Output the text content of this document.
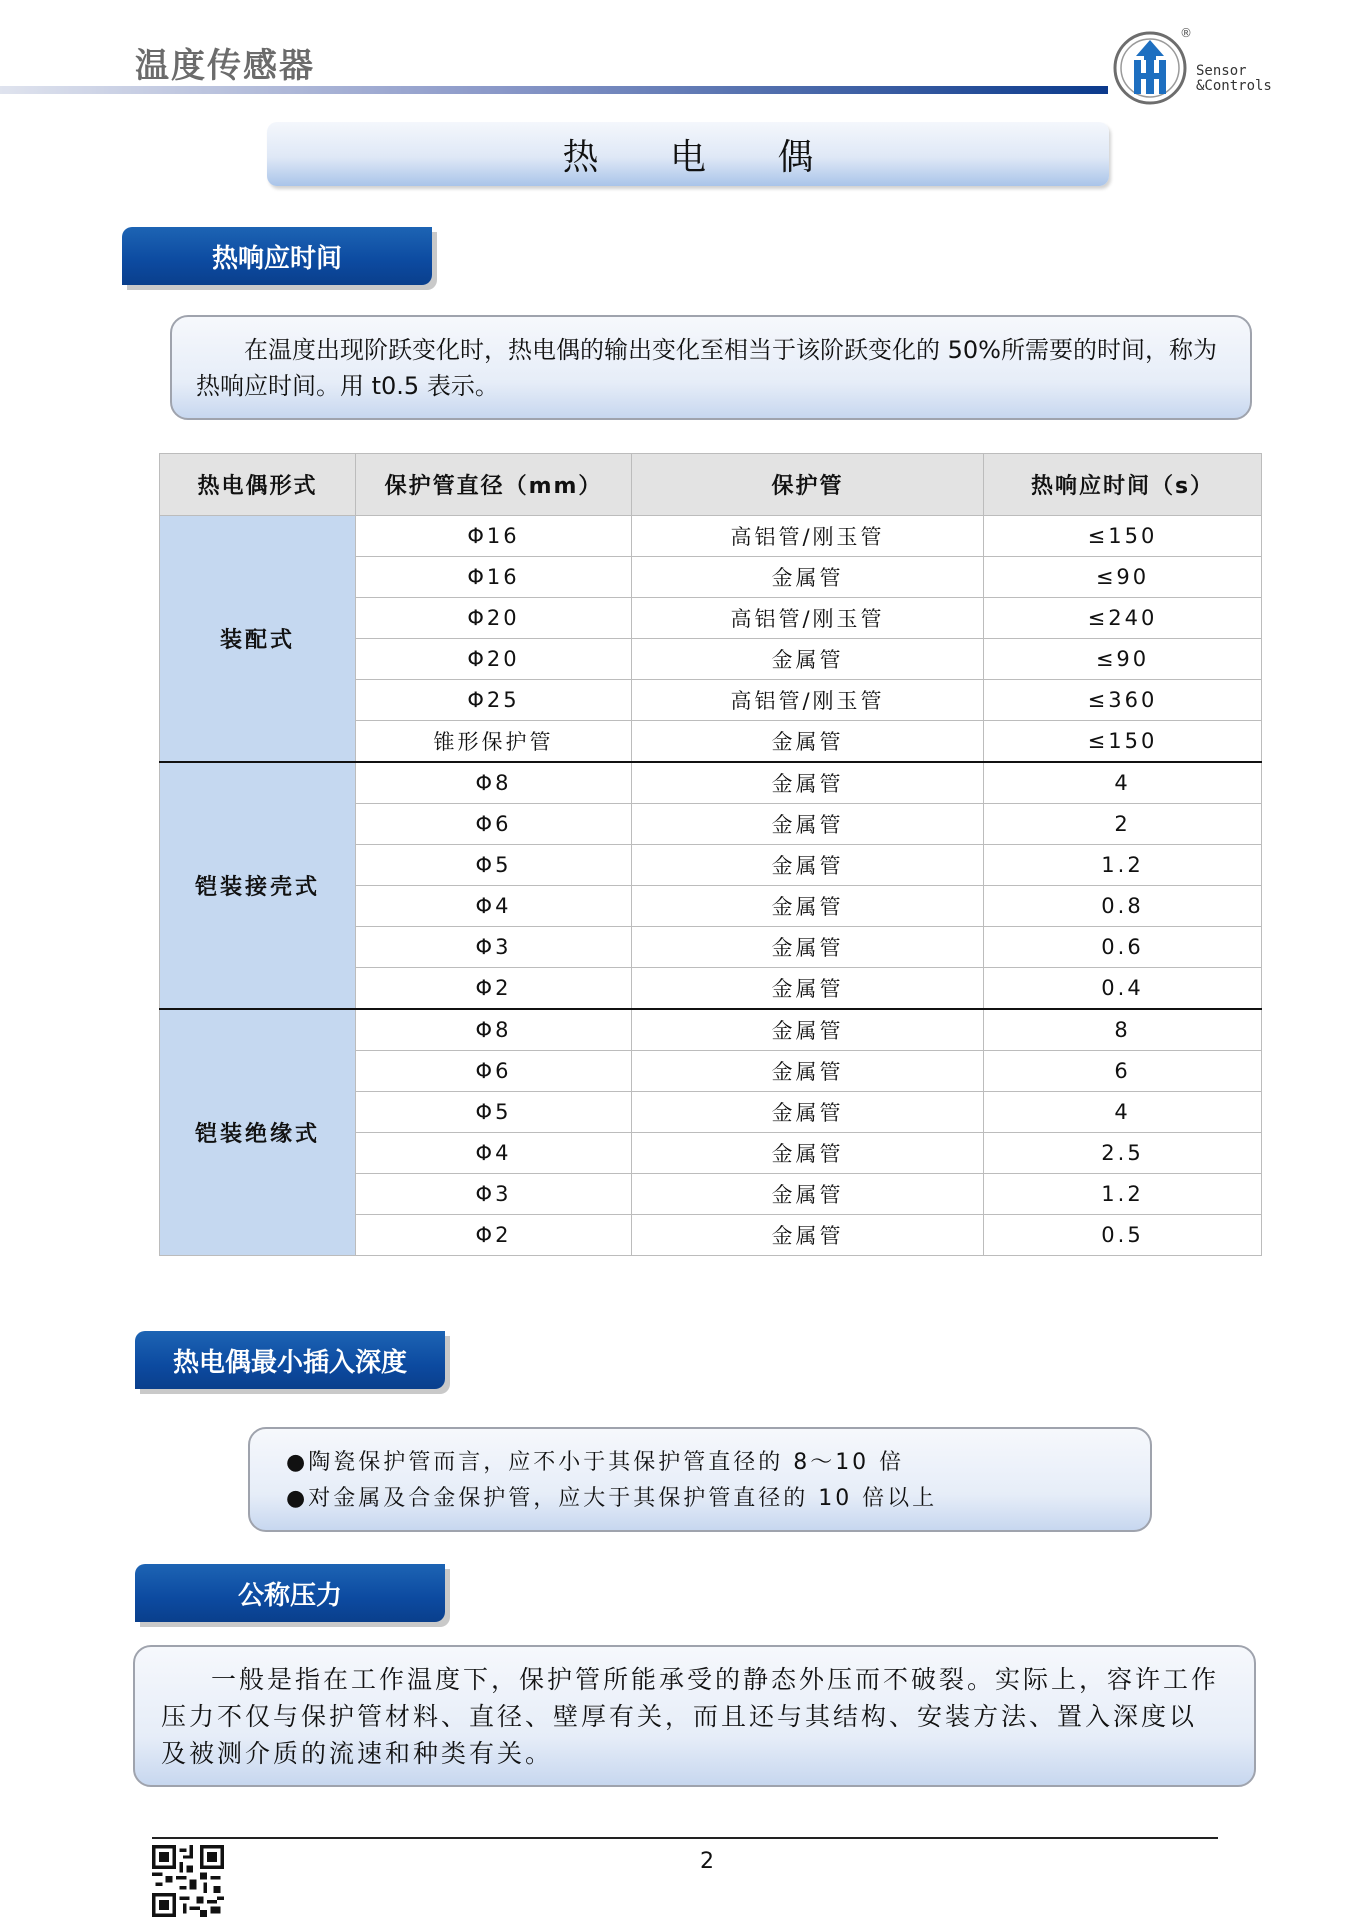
温度传感器
®
Sensor
&Controls
热 电 偶
热响应时间

在温度出现阶跃变化时，热电偶的输出变化至相当于该阶跃变化的 50%所需要的时间，称为热响应时间。用 t0.5 表示。

热电偶形式	保护管直径（mm）	保护管	热响应时间（s）
装配式	Φ16	高铝管/刚玉管	≤150
	Φ16	金属管	≤90
	Φ20	高铝管/刚玉管	≤240
	Φ20	金属管	≤90
	Φ25	高铝管/刚玉管	≤360
	锥形保护管	金属管	≤150
铠装接壳式	Φ8	金属管	4
	Φ6	金属管	2
	Φ5	金属管	1.2
	Φ4	金属管	0.8
	Φ3	金属管	0.6
	Φ2	金属管	0.4
铠装绝缘式	Φ8	金属管	8
	Φ6	金属管	6
	Φ5	金属管	4
	Φ4	金属管	2.5
	Φ3	金属管	1.2
	Φ2	金属管	0.5
热电偶最小插入深度
●陶瓷保护管而言，应不小于其保护管直径的 8～10 倍
●对金属及合金保护管，应大于其保护管直径的 10 倍以上
公称压力

一般是指在工作温度下，保护管所能承受的静态外压而不破裂。实际上，容许工作压力不仅与保护管材料、直径、壁厚有关，而且还与其结构、安装方法、置入深度以及被测介质的流速和种类有关。

2
